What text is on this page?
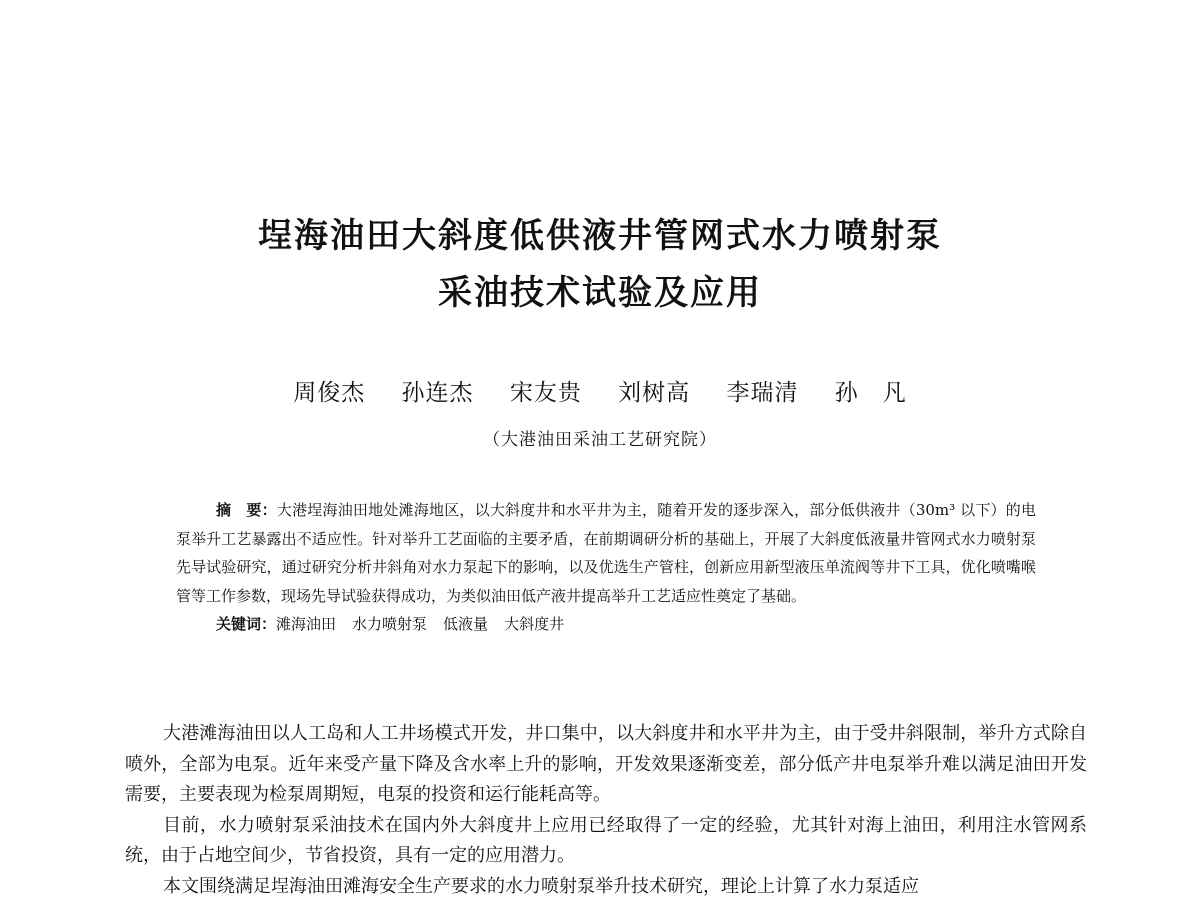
埕海油田大斜度低供液井管网式水力喷射泵
采油技术试验及应用
周俊杰 孙连杰 宋友贵 刘树高 李瑞清 孙　凡
（大港油田采油工艺研究院）

摘　要：大港埕海油田地处滩海地区，以大斜度井和水平井为主，随着开发的逐步深入，部分低供液井（30m³ 以下）的电泵举升工艺暴露出不适应性。针对举升工艺面临的主要矛盾，在前期调研分析的基础上，开展了大斜度低液量井管网式水力喷射泵先导试验研究，通过研究分析井斜角对水力泵起下的影响，以及优选生产管柱，创新应用新型液压单流阀等井下工具，优化喷嘴喉管等工作参数，现场先导试验获得成功，为类似油田低产液井提高举升工艺适应性奠定了基础。

关键词：滩海油田 水力喷射泵 低液量 大斜度井

大港滩海油田以人工岛和人工井场模式开发，井口集中，以大斜度井和水平井为主，由于受井斜限制，举升方式除自喷外，全部为电泵。近年来受产量下降及含水率上升的影响，开发效果逐渐变差，部分低产井电泵举升难以满足油田开发需要，主要表现为检泵周期短，电泵的投资和运行能耗高等。

目前，水力喷射泵采油技术在国内外大斜度井上应用已经取得了一定的经验，尤其针对海上油田，利用注水管网系统，由于占地空间少，节省投资，具有一定的应用潜力。

本文围绕满足埕海油田滩海安全生产要求的水力喷射泵举升技术研究，理论上计算了水力泵适应
